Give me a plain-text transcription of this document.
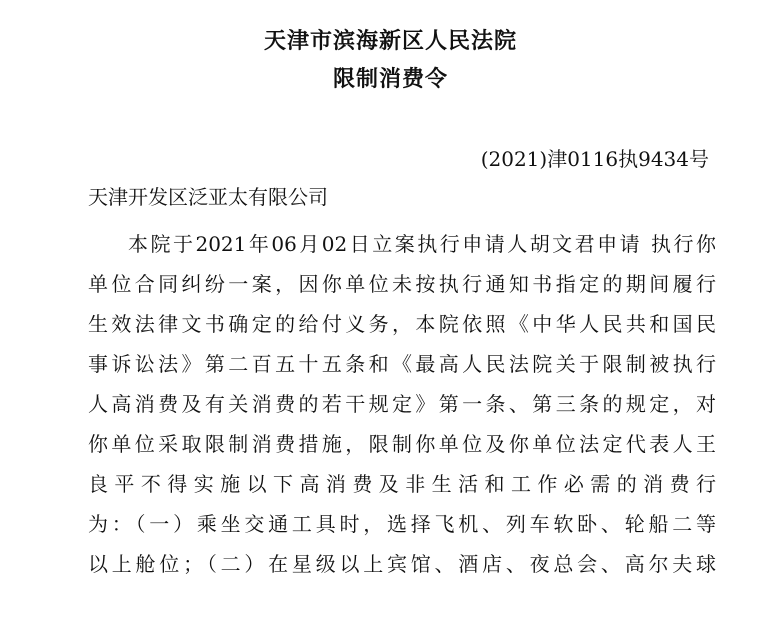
天津市滨海新区人民法院
限制消费令
(2021)津0116执9434号
天津开发区泛亚太有限公司
本院于2021年06月02日立案执行申请人胡文君申请 执行你
单位合同纠纷一案，因你单位未按执行通知书指定的期间履行
生效法律文书确定的给付义务，本院依照《中华人民共和国民
事诉讼法》第二百五十五条和《最高人民法院关于限制被执行
人高消费及有关消费的若干规定》第一条、第三条的规定，对
你单位采取限制消费措施，限制你单位及你单位法定代表人王
良平不得实施以下高消费及非生活和工作必需的消费行
为：（一）乘坐交通工具时，选择飞机、列车软卧、轮船二等
以上舱位；（二）在星级以上宾馆、酒店、夜总会、高尔夫球
